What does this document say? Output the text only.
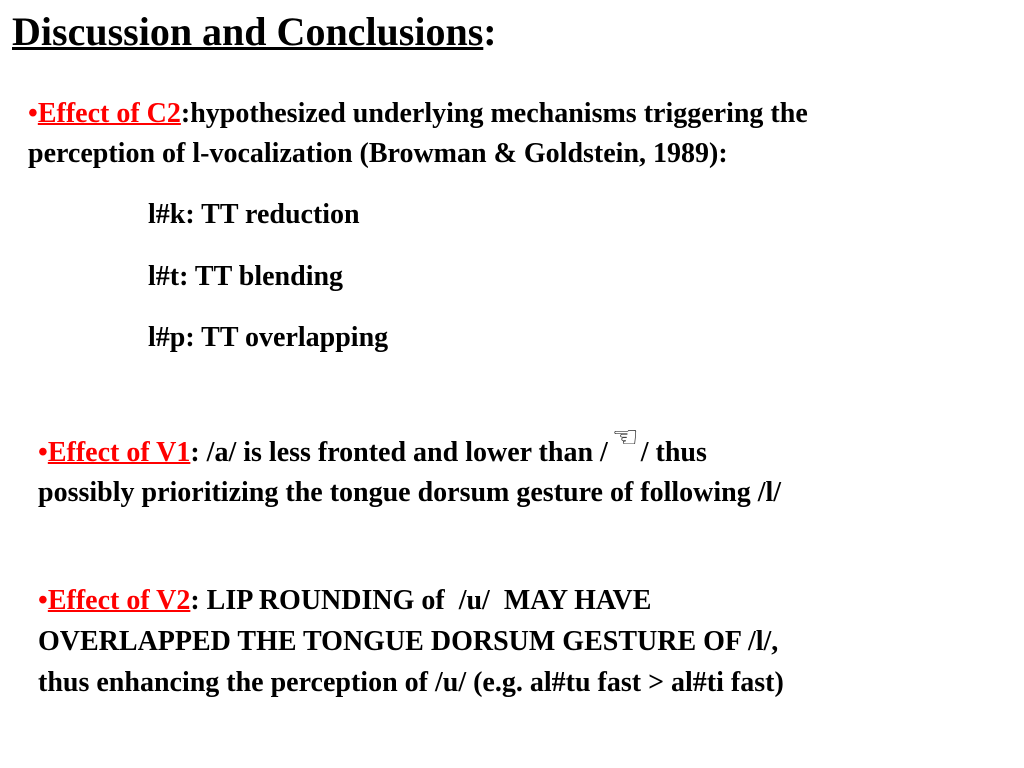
Discussion and Conclusions:
•Effect of C2:hypothesized underlying mechanisms triggering the
perception of l-vocalization (Browman & Goldstein, 1989):
l#k: TT reduction
l#t: TT blending
l#p: TT overlapping
•Effect of V1: /a/ is less fronted and lower than / ☜/ thus
possibly prioritizing the tongue dorsum gesture of following /l/
•Effect of V2: LIP ROUNDING of  /u/  MAY HAVE
OVERLAPPED THE TONGUE DORSUM GESTURE OF /l/,
thus enhancing the perception of /u/ (e.g. al#tu fast > al#ti fast)
